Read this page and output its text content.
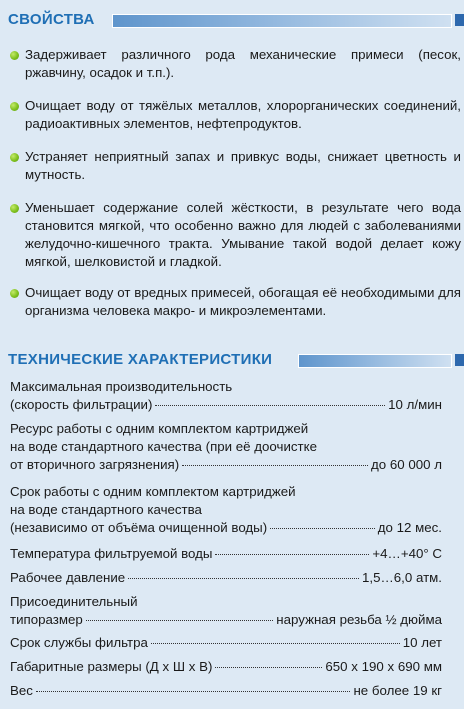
СВОЙСТВА
Задерживает различного рода механические примеси (песок, ржавчину, осадок и т.п.).
Очищает воду от тяжёлых металлов, хлорорганических соединений, радиоактивных элементов, нефтепродуктов.
Устраняет неприятный запах и привкус воды, снижает цветность и мутность.
Уменьшает содержание солей жёсткости, в результате чего вода становится мягкой, что особенно важно для людей с заболеваниями желудочно-кишечного тракта. Умывание такой водой делает кожу мягкой, шелковистой и гладкой.
Очищает воду от вредных примесей, обогащая её необходимыми для организма человека макро- и микроэлементами.
ТЕХНИЧЕСКИЕ ХАРАКТЕРИСТИКИ
Максимальная производительность
(скорость фильтрации)	10 л/мин
Ресурс работы с одним комплектом картриджей
на воде стандартного качества (при её доочистке
от вторичного загрязнения)	до 60 000 л
Срок работы с одним комплектом картриджей
на воде стандартного качества
(независимо от объёма очищенной воды)	до 12 мес.
Температура фильтруемой воды	+4…+40° С
Рабочее давление	1,5…6,0 атм.
Присоединительный
типоразмер	наружная резьба ½ дюйма
Срок службы фильтра	10 лет
Габаритные размеры (Д х Ш х В)	650 х 190 х 690 мм
Вес	не более 19 кг
